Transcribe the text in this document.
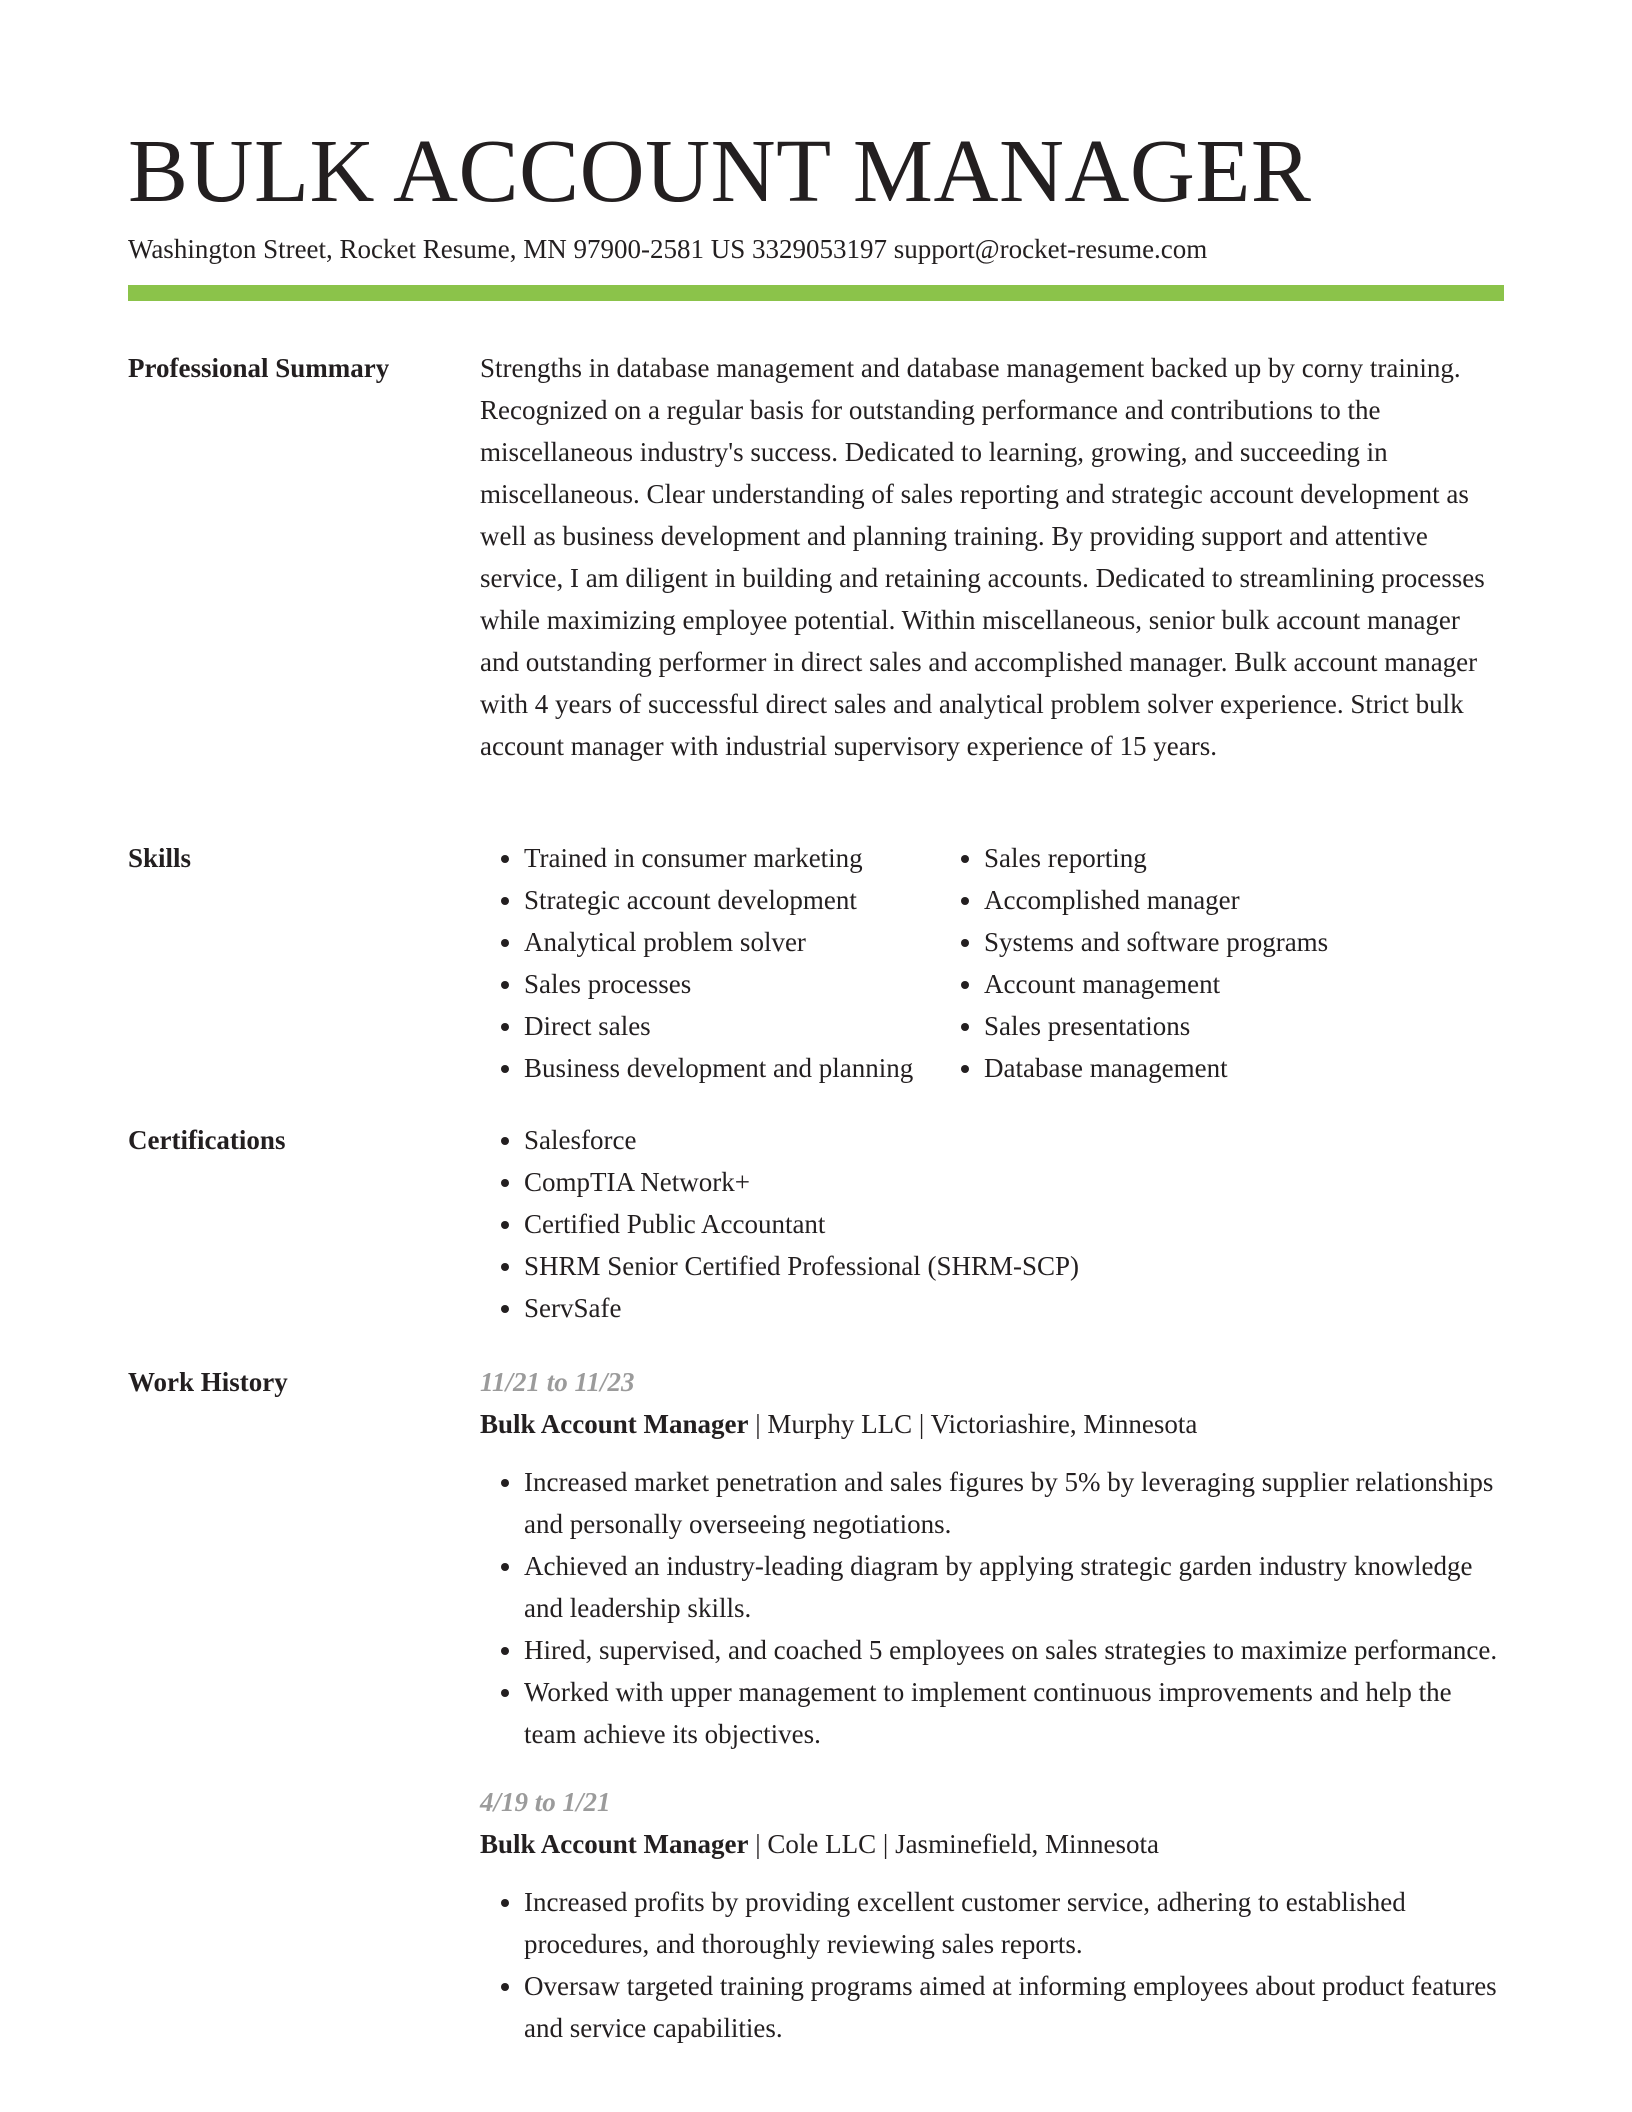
BULK ACCOUNT MANAGER
Washington Street, Rocket Resume, MN 97900-2581 US 3329053197 support@rocket-resume.com
Professional Summary	Strengths in database management and database management backed up by corny training. Recognized on a regular basis for outstanding performance and contributions to the miscellaneous industry's success. Dedicated to learning, growing, and succeeding in miscellaneous. Clear understanding of sales reporting and strategic account development as well as business development and planning training. By providing support and attentive service, I am diligent in building and retaining accounts. Dedicated to streamlining processes while maximizing employee potential. Within miscellaneous, senior bulk account manager and outstanding performer in direct sales and accomplished manager. Bulk account manager with 4 years of successful direct sales and analytical problem solver experience. Strict bulk account manager with industrial supervisory experience of 15 years.

Skills	• Trained in consumer marketing
• Strategic account development
• Analytical problem solver
• Sales processes
• Direct sales
• Business development and planning
• Sales reporting
• Accomplished manager
• Systems and software programs
• Account management
• Sales presentations
• Database management
Certifications	• Salesforce
• CompTIA Network+
• Certified Public Accountant
• SHRM Senior Certified Professional (SHRM-SCP)
• ServSafe
Work History	11/21 to 11/23
Bulk Account Manager | Murphy LLC | Victoriashire, Minnesota
• Increased market penetration and sales figures by 5% by leveraging supplier relationships and personally overseeing negotiations.
• Achieved an industry-leading diagram by applying strategic garden industry knowledge and leadership skills.
• Hired, supervised, and coached 5 employees on sales strategies to maximize performance.
• Worked with upper management to implement continuous improvements and help the team achieve its objectives.
4/19 to 1/21
Bulk Account Manager | Cole LLC | Jasminefield, Minnesota
• Increased profits by providing excellent customer service, adhering to established procedures, and thoroughly reviewing sales reports.
• Oversaw targeted training programs aimed at informing employees about product features and service capabilities.
